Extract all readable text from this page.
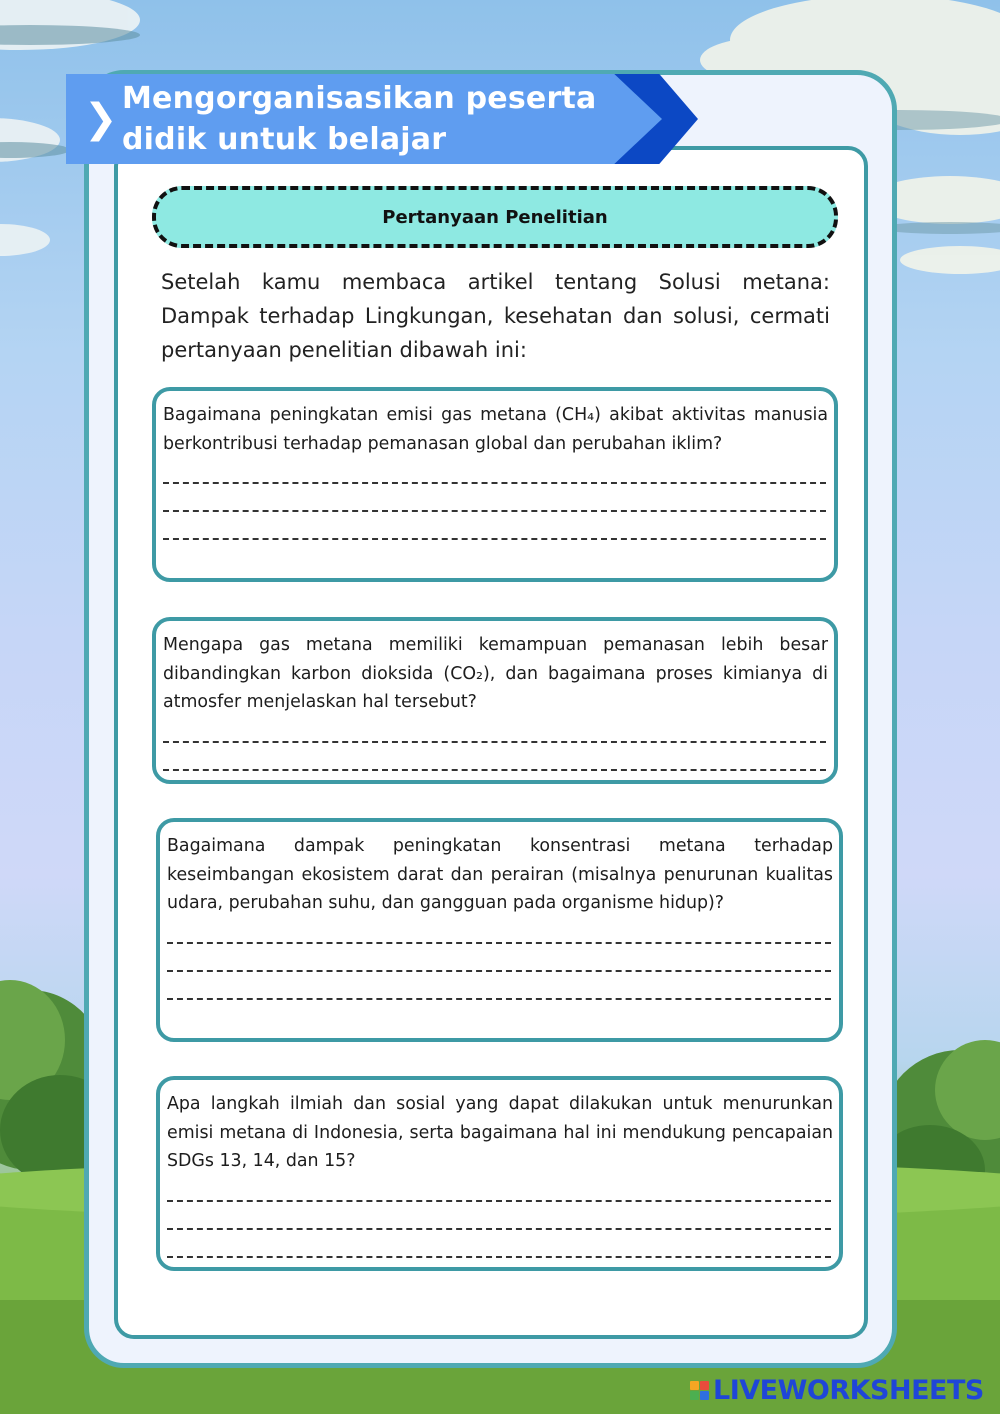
❯ Mengorganisasikan peserta
didik untuk belajar
Pertanyaan Penelitian
Setelah kamu membaca artikel tentang Solusi metana: Dampak terhadap Lingkungan, kesehatan dan solusi, cermati pertanyaan penelitian dibawah ini:
Bagaimana peningkatan emisi gas metana (CH₄) akibat aktivitas manusia berkontribusi terhadap pemanasan global dan perubahan iklim?
Mengapa gas metana memiliki kemampuan pemanasan lebih besar dibandingkan karbon dioksida (CO₂), dan bagaimana proses kimianya di atmosfer menjelaskan hal tersebut?
Bagaimana dampak peningkatan konsentrasi metana terhadap keseimbangan ekosistem darat dan perairan (misalnya penurunan kualitas udara, perubahan suhu, dan gangguan pada organisme hidup)?
Apa langkah ilmiah dan sosial yang dapat dilakukan untuk menurunkan emisi metana di Indonesia, serta bagaimana hal ini mendukung pencapaian SDGs 13, 14, dan 15?
LIVEWORKSHEETS
